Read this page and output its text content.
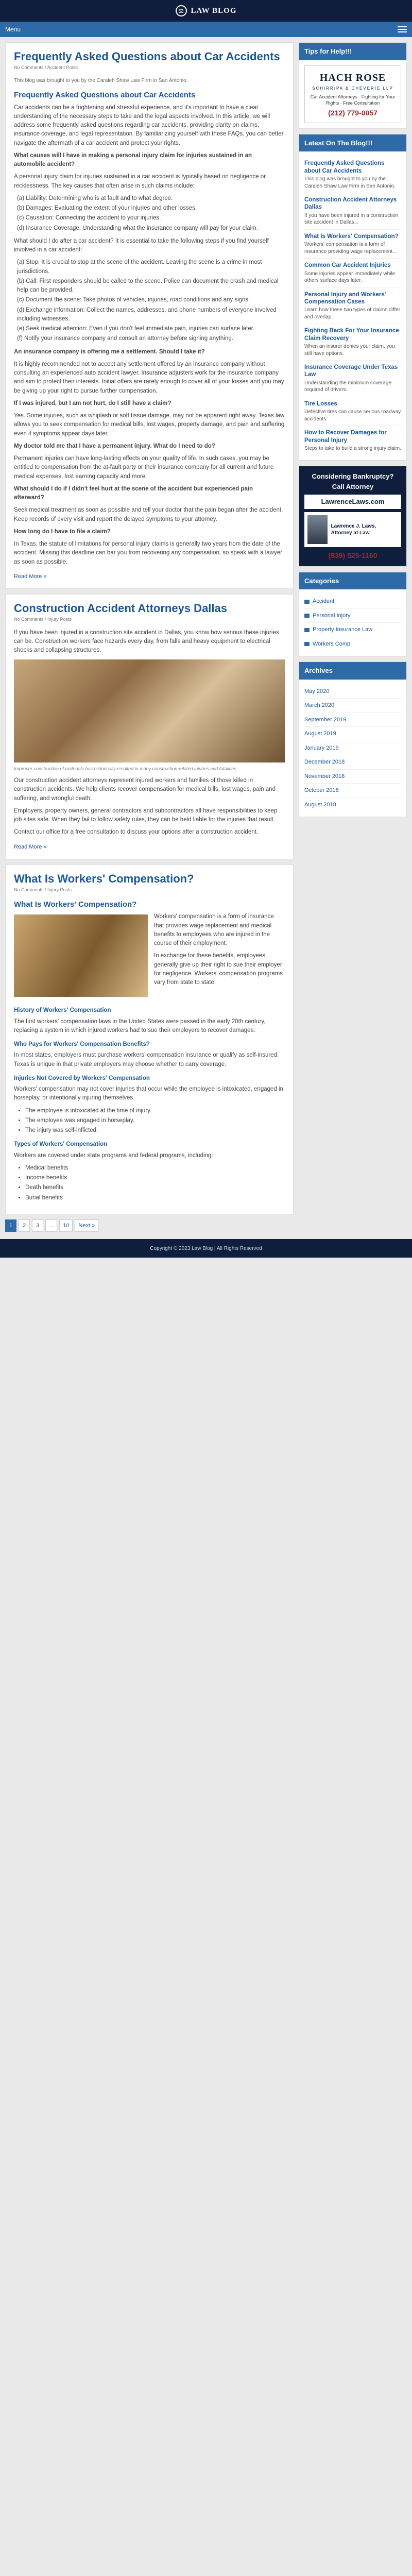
⚖ LAW BLOG
Menu
Frequently Asked Questions about Car Accidents
No Comments / Accident Posts

This blog was brought to you by the Caraleh Shaw Law Firm in San Antonio.

Frequently Asked Questions about Car Accidents

Car accidents can be a frightening and stressful experience, and it's important to have a clear understanding of the necessary steps to take and the legal aspects involved. In this article, we will address some frequently asked questions regarding car accidents, providing clarity on claims, insurance coverage, and legal representation. By familiarizing yourself with these FAQs, you can better navigate the aftermath of a car accident and protect your rights.

What causes will I have in making a personal injury claim for injuries sustained in an automobile accident?

A personal injury claim for injuries sustained in a car accident is typically based on negligence or recklessness. The key causes that often arise in such claims include:

(a) Liability: Determining who is at fault and to what degree.
(b) Damages: Evaluating the extent of your injuries and other losses.
(c) Causation: Connecting the accident to your injuries.
(d) Insurance Coverage: Understanding what the insurance company will pay for your claim.

What should I do after a car accident? It is essential to take the following steps if you find yourself involved in a car accident:

(a) Stop: It is crucial to stop at the scene of the accident. Leaving the scene is a crime in most jurisdictions.
(b) Call: First responders should be called to the scene. Police can document the crash and medical help can be provided.
(c) Document the scene: Take photos of vehicles, injuries, road conditions and any signs.
(d) Exchange information: Collect the names, addresses, and phone numbers of everyone involved including witnesses.
(e) Seek medical attention: Even if you don't feel immediate pain, injuries can surface later.
(f) Notify your insurance company and consult an attorney before signing anything.

An insurance company is offering me a settlement. Should I take it?

It is highly recommended not to accept any settlement offered by an insurance company without consulting an experienced auto accident lawyer. Insurance adjusters work for the insurance company and aim to protect their interests. Initial offers are rarely enough to cover all of your losses and you may be giving up your right to pursue further compensation.

If I was injured, but I am not hurt, do I still have a claim?

Yes. Some injuries, such as whiplash or soft tissue damage, may not be apparent right away. Texas law allows you to seek compensation for medical bills, lost wages, property damage, and pain and suffering even if symptoms appear days later.

My doctor told me that I have a permanent injury. What do I need to do?

Permanent injuries can have long-lasting effects on your quality of life. In such cases, you may be entitled to compensation from the at-fault party or their insurance company for all current and future medical expenses, lost earning capacity and more.

What should I do if I didn't feel hurt at the scene of the accident but experienced pain afterward?

Seek medical treatment as soon as possible and tell your doctor that the pain began after the accident. Keep records of every visit and report the delayed symptoms to your attorney.

How long do I have to file a claim?

In Texas, the statute of limitations for personal injury claims is generally two years from the date of the accident. Missing this deadline can bar you from recovering any compensation, so speak with a lawyer as soon as possible.

Read More »
Construction Accident Attorneys Dallas
No Comments / Injury Posts

If you have been injured in a construction site accident in Dallas, you know how serious these injuries can be. Construction workers face hazards every day, from falls and heavy equipment to electrical shocks and collapsing structures.

Improper construction of materials has historically resulted in many construction-related injuries and fatalities.

Our construction accident attorneys represent injured workers and families of those killed in construction accidents. We help clients recover compensation for medical bills, lost wages, pain and suffering, and wrongful death.

Employers, property owners, general contractors and subcontractors all have responsibilities to keep job sites safe. When they fail to follow safety rules, they can be held liable for the injuries that result.

Contact our office for a free consultation to discuss your options after a construction accident.

Read More »
What Is Workers' Compensation?
No Comments / Injury Posts
What Is Workers' Compensation?

Workers' compensation is a form of insurance that provides wage replacement and medical benefits to employees who are injured in the course of their employment.

In exchange for these benefits, employees generally give up their right to sue their employer for negligence. Workers' compensation programs vary from state to state.

History of Workers' Compensation

The first workers' compensation laws in the United States were passed in the early 20th century, replacing a system in which injured workers had to sue their employers to recover damages.

Who Pays for Workers' Compensation Benefits?

In most states, employers must purchase workers' compensation insurance or qualify as self-insured. Texas is unique in that private employers may choose whether to carry coverage.

Injuries Not Covered by Workers' Compensation

Workers' compensation may not cover injuries that occur while the employee is intoxicated, engaged in horseplay, or intentionally injuring themselves.

• The employee is intoxicated at the time of injury.
• The employee was engaged in horseplay.
• The injury was self-inflicted.
Types of Workers' Compensation

Workers are covered under state programs and federal programs, including:

• Medical benefits
• Income benefits
• Death benefits
• Burial benefits
1	2	3	...	10	Next »
Tips for Help!!!
HACH ROSE
SCHIRRIPA & CHEVERIE LLP
Car Accident Attorneys · Fighting for Your Rights · Free Consultation
(212) 779-0057
Latest On The Blog!!!
Frequently Asked Questions about Car Accidents

This blog was brought to you by the Caraleh Shaw Law Firm in San Antonio.

Construction Accident Attorneys Dallas

If you have been injured in a construction site accident in Dallas...

What Is Workers' Compensation?

Workers' compensation is a form of insurance providing wage replacement...

Common Car Accident Injuries

Some injuries appear immediately while others surface days later.

Personal Injury and Workers' Compensation Cases

Learn how these two types of claims differ and overlap.

Fighting Back For Your Insurance Claim Recovery

When an insurer denies your claim, you still have options.

Insurance Coverage Under Texas Law

Understanding the minimum coverage required of drivers.

Tire Losses

Defective tires can cause serious roadway accidents.

How to Recover Damages for Personal Injury

Steps to take to build a strong injury claim.

Considering Bankruptcy?
Call Attorney
LawrenceLaws.com
Lawrence J. Laws, Attorney at Law
(839) 525-1160
Categories
Accident
Personal Injury
Property Insurance Law
Workers Comp
Archives
May 2020
March 2020
September 2019
August 2019
January 2019
December 2018
November 2018
October 2018
August 2018
Copyright © 2023 Law Blog | All Rights Reserved
